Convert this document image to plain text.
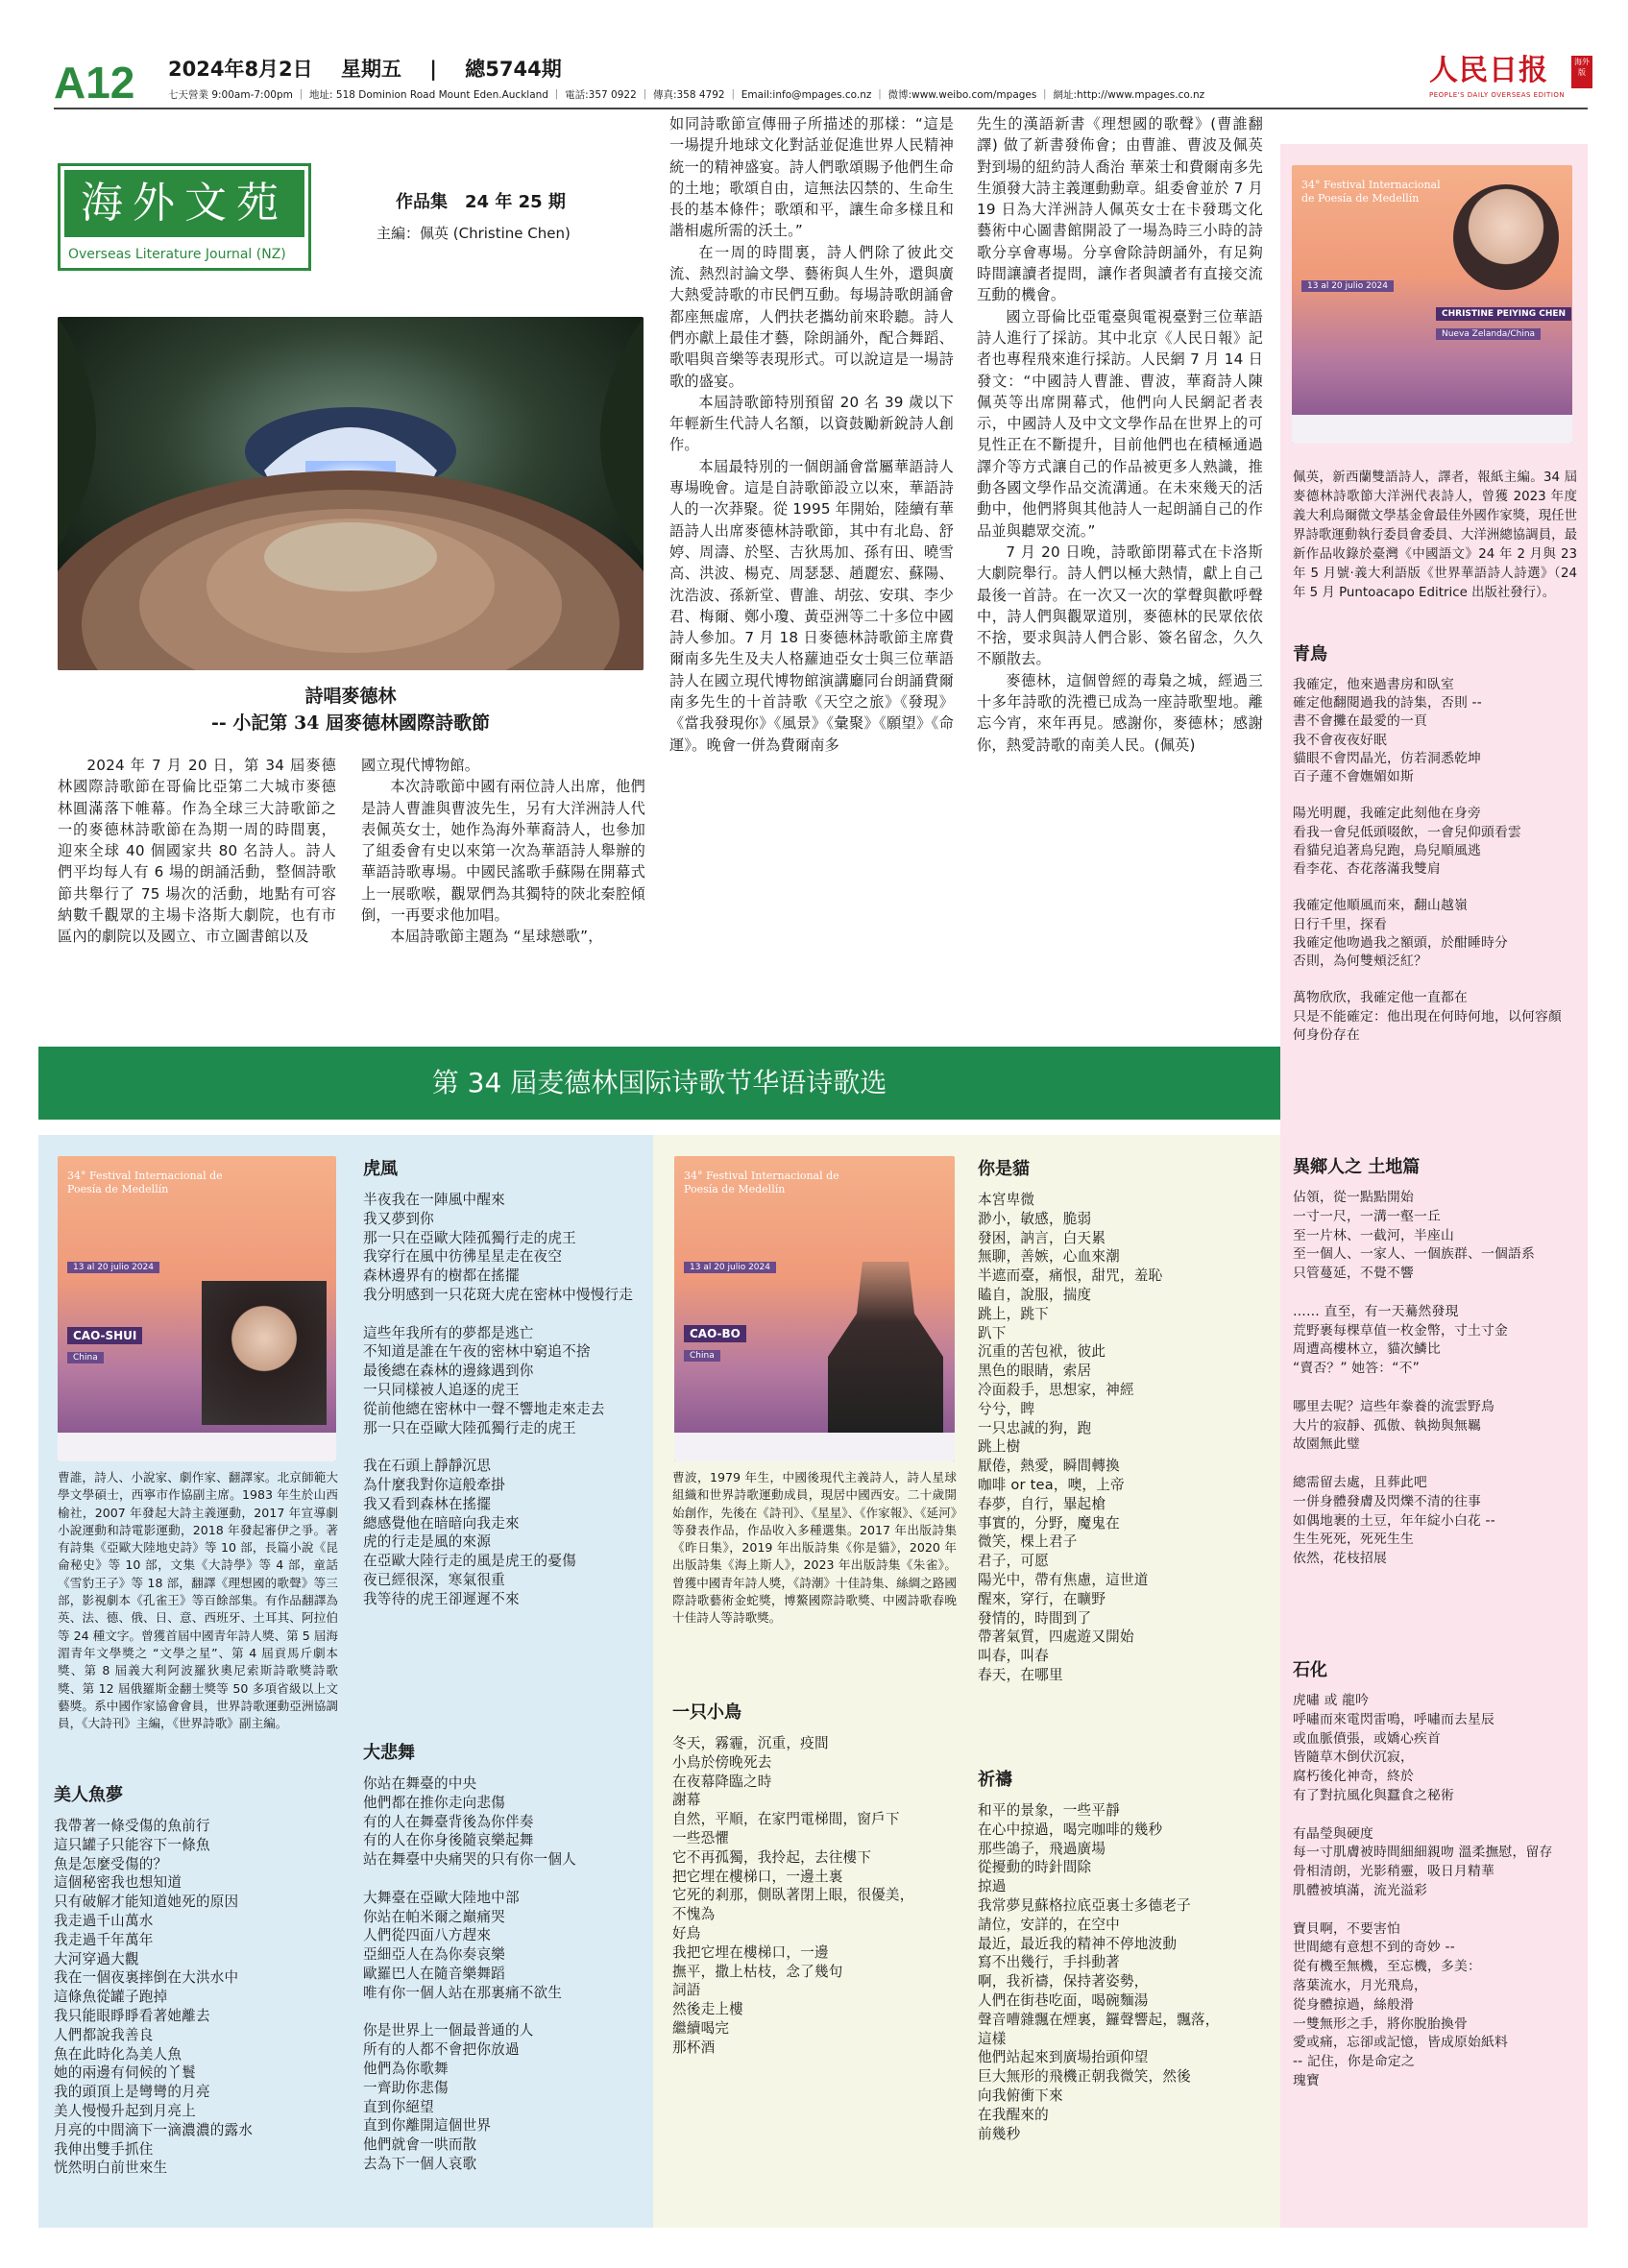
A12	2024年8月2日 星期五 | 總5744期
七天營業 9:00am-7:00pm ｜ 地址: 518 Dominion Road Mount Eden.Auckland ｜ 電話:357 0922 ｜ 傳真:358 4792 ｜ Email:info@mpages.co.nz ｜ 微博:www.weibo.com/mpages ｜ 網址:http://www.mpages.co.nz
人民日报
PEOPLE'S DAILY OVERSEAS EDITION
海外版
海外文苑
Overseas Literature Journal (NZ)
作品集　24 年 25 期
主編：佩英 (Christine Chen)
詩唱麥德林
-- 小記第 34 屆麥德林國際詩歌節

2024 年 7 月 20 日，第 34 屆麥德林國際詩歌節在哥倫比亞第二大城市麥德林圓滿落下帷幕。作為全球三大詩歌節之一的麥德林詩歌節在為期一周的時間裏，迎來全球 40 個國家共 80 名詩人。詩人們平均每人有 6 場的朗誦活動，整個詩歌節共舉行了 75 場次的活動，地點有可容納數千觀眾的主場卡洛斯大劇院，也有市區內的劇院以及國立、市立圖書館以及

國立現代博物館。

本次詩歌節中國有兩位詩人出席，他們是詩人曹誰與曹波先生，另有大洋洲詩人代表佩英女士，她作為海外華裔詩人，也參加了組委會有史以來第一次為華語詩人舉辦的華語詩歌專場。中國民謠歌手蘇陽在開幕式上一展歌喉，觀眾們為其獨特的陝北秦腔傾倒，一再要求他加唱。

本屆詩歌節主題為 “星球戀歌”，

如同詩歌節宣傳冊子所描述的那樣：“這是一場提升地球文化對話並促進世界人民精神統一的精神盛宴。詩人們歌頌賜予他們生命的土地；歌頌自由，這無法囚禁的、生命生長的基本條件；歌頌和平，讓生命多樣且和諧相處所需的沃土。”

在一周的時間裏，詩人們除了彼此交流、熱烈討論文學、藝術與人生外，還與廣大熱愛詩歌的市民們互動。每場詩歌朗誦會都座無虛席，人們扶老攜幼前來聆聽。詩人們亦獻上最佳才藝，除朗誦外，配合舞蹈、歌唱與音樂等表現形式。可以說這是一場詩歌的盛宴。

本屆詩歌節特別預留 20 名 39 歲以下年輕新生代詩人名額，以資鼓勵新銳詩人創作。

本屆最特別的一個朗誦會當屬華語詩人專場晚會。這是自詩歌節設立以來，華語詩人的一次莽聚。從 1995 年開始，陸續有華語詩人出席麥德林詩歌節，其中有北島、舒婷、周濤、於堅、吉狄馬加、孫有田、曉雪高、洪波、楊克、周瑟瑟、趙麗宏、蘇陽、沈浩波、孫新堂、曹誰、胡弦、安琪、李少君、梅爾、鄭小瓊、黃亞洲等二十多位中國詩人參加。7 月 18 日麥德林詩歌節主席費爾南多先生及夫人格蘿迪亞女士與三位華語詩人在國立現代博物館演講廳同台朗誦費爾南多先生的十首詩歌《天空之旅》《發現》《當我發現你》《風景》《彙聚》《願望》《命運》。晚會一併為費爾南多

先生的漢語新書《理想國的歌聲》(曹誰翻譯) 做了新書發佈會；由曹誰、曹波及佩英對到場的紐約詩人喬治 華萊士和費爾南多先生頒發大詩主義運動勳章。組委會並於 7 月 19 日為大洋洲詩人佩英女士在卡發瑪文化藝術中心圖書館開設了一場為時三小時的詩歌分享會專場。分享會除詩朗誦外，有足夠時間讓讀者提問，讓作者與讀者有直接交流互動的機會。

國立哥倫比亞電臺與電視臺對三位華語詩人進行了採訪。其中北京《人民日報》記者也專程飛來進行採訪。人民網 7 月 14 日發文：“中國詩人曹誰、曹波，華裔詩人陳佩英等出席開幕式，他們向人民網記者表示，中國詩人及中文文學作品在世界上的可見性正在不斷提升，目前他們也在積極通過譯介等方式讓自己的作品被更多人熟識，推動各國文學作品交流溝通。在未來幾天的活動中，他們將與其他詩人一起朗誦自己的作品並與聽眾交流。”

7 月 20 日晚，詩歌節閉幕式在卡洛斯大劇院舉行。詩人們以極大熱情，獻上自己最後一首詩。在一次又一次的掌聲與歡呼聲中，詩人們與觀眾道別，麥德林的民眾依依不捨，要求與詩人們合影、簽名留念，久久不願散去。

麥德林，這個曾經的毒梟之城，經過三十多年詩歌的洗禮已成為一座詩歌聖地。離忘今宵，來年再見。感謝你，麥德林；感謝你，熱愛詩歌的南美人民。(佩英)

34° Festival Internacional de Poesía de Medellín
13 al 20 julio 2024
CHRISTINE PEIYING CHEN
Nueva Zelanda/China
佩英，新西蘭雙語詩人，譯者，報紙主編。34 屆麥德林詩歌節大洋洲代表詩人，曾獲 2023 年度義大利烏爾微文學基金會最佳外國作家獎，現任世界詩歌運動執行委員會委員、大洋洲總協調員，最新作品收錄於臺灣《中國語文》24 年 2 月與 23 年 5 月號·義大利語版《世界華語詩人詩選》（24 年 5 月 Puntoacapo Editrice 出版社發行）。
青鳥
我確定，他來過書房和臥室
確定他翻閱過我的詩集，否則 --
書不會攤在最愛的一頁
我不會夜夜好眠
貓眼不會閃晶光，仿若洞悉乾坤
百子蓮不會嫵媚如斯

陽光明麗，我確定此刻他在身旁
看我一會兒低頭啜飲，一會兒仰頭看雲
看貓兒追著鳥兒跑，鳥兒順風逃
看李花、杏花落滿我雙肩

我確定他順風而來，翻山越嶺
日行千里，探看
我確定他吻過我之額頭，於酣睡時分
否則，為何雙頰泛紅？

萬物欣欣，我確定他一直都在
只是不能確定：他出現在何時何地，以何容顏
何身份存在
異鄉人之 土地篇
佔領，從一點點開始
一寸一尺，一溝一壑一丘
至一片林、一截河，半座山
至一個人、一家人、一個族群、一個語系
只管蔓延，不覺不響

…… 直至，有一天驀然發現
荒野裹每棵草值一枚金幣，寸土寸金
周遭高樓林立，貓次鱗比
“賣否？” 她答：“不”

哪里去呢？這些年豢養的流雲野鳥
大片的寂靜、孤傲、執拗與無羈
故園無此璧

總需留去處，且葬此吧
一併身體發膚及閃爍不清的往事
如偶地裹的土豆，年年綻小白花 --
生生死死，死死生生
依然，花枝招展
石化
虎嘯 或 龍吟
呼嘯而來電閃雷鳴，呼嘯而去星辰
或血脈僨張，或嬌心疾首
皆隨草木倒伏沉寂，
腐朽後化神奇，終於
有了對抗風化與蠶食之秘術

有晶瑩與硬度
每一寸肌膚被時間細細親吻 溫柔撫慰，留存
骨相清朗，光影稍靈，吸日月精華
肌體被填滿，流光溢彩

寶貝啊，不要害怕
世間總有意想不到的奇妙 --
從有機至無機，至忘機，多美：
落葉流水，月光飛鳥，
從身體掠過，絲般滑
一雙無形之手，將你脫胎換骨
愛或痛，忘卻或記憶，皆成原始紙料
-- 記住，你是命定之
瑰寶
第 34 屆麦德林国际诗歌节华语诗歌选
34° Festival Internacional de Poesía de Medellín
13 al 20 julio 2024
CAO-SHUI
China
曹誰，詩人、小說家、劇作家、翻譯家。北京師範大學文學碩士，西寧市作協副主席。1983 年生於山西榆社，2007 年發起大詩主義運動，2017 年宣導劇小說運動和詩電影運動，2018 年發起審伊之爭。著有詩集《亞歐大陸地史詩》等 10 部，長篇小說《昆侖秘史》等 10 部，文集《大詩學》等 4 部，童話《雪豹王子》等 18 部，翻譯《理想國的歌聲》等三部，影視劇本《孔雀王》等百餘部集。有作品翻譯為英、法、德、俄、日、意、西班牙、土耳其、阿拉伯等 24 種文字。曾獲首屆中國青年詩人獎、第 5 屆海湄青年文學獎之 “文學之星”、第 4 屆貢馬斤劇本獎、第 8 屆義大利阿波羅狄奧尼索斯詩歌獎詩歌獎、第 12 屆俄羅斯金翻士獎等 50 多項省級以上文藝獎。系中國作家協會會員，世界詩歌運動亞洲協調員，《大詩刊》主編，《世界詩歌》副主編。
虎風
半夜我在一陣風中醒來
我又夢到你
那一只在亞歐大陸孤獨行走的虎王
我穿行在風中彷彿星星走在夜空
森林邊界有的樹都在搖擺
我分明感到一只花斑大虎在密林中慢慢行走

這些年我所有的夢都是逃亡
不知道是誰在午夜的密林中窮追不捨
最後總在森林的邊緣遇到你
一只同樣被人追逐的虎王
從前他總在密林中一聲不響地走來走去
那一只在亞歐大陸孤獨行走的虎王

我在石頭上靜靜沉思
為什麼我對你這般牽掛
我又看到森林在搖擺
總感覺他在暗暗向我走來
虎的行走是風的來源
在亞歐大陸行走的風是虎王的憂傷
夜已經很深，寒氣很重
我等待的虎王卻遲遲不來
大悲舞
你站在舞臺的中央
他們都在推你走向悲傷
有的人在舞臺背後為你伴奏
有的人在你身後隨哀樂起舞
站在舞臺中央痛哭的只有你一個人

大舞臺在亞歐大陸地中部
你站在帕米爾之巔痛哭
人們從四面八方趕來
亞細亞人在為你奏哀樂
歐羅巴人在隨音樂舞蹈
唯有你一個人站在那裏痛不欲生

你是世界上一個最普通的人
所有的人都不會把你放過
他們為你歌舞
一齊助你悲傷
直到你絕望
直到你離開這個世界
他們就會一哄而散
去為下一個人哀歌
美人魚夢
我帶著一條受傷的魚前行
這只罐子只能容下一條魚
魚是怎麼受傷的？
這個秘密我也想知道
只有破解才能知道她死的原因
我走過千山萬水
我走過千年萬年
大河穿過大觀
我在一個夜裏摔倒在大洪水中
這條魚從罐子跑掉
我只能眼睜睜看著她離去
人們都說我善良
魚在此時化為美人魚
她的兩邊有伺候的丫鬟
我的頭頂上是彎彎的月亮
美人慢慢升起到月亮上
月亮的中間滴下一滴濃濃的露水
我伸出雙手抓住
恍然明白前世來生
34° Festival Internacional de Poesía de Medellín
13 al 20 julio 2024
CAO-BO
China
曹波，1979 年生，中國後現代主義詩人，詩人星球組織和世界詩歌運動成員，現居中國西安。二十歲開始創作，先後在《詩刊》、《星星》、《作家報》、《延河》等發表作品，作品收入多種選集。2017 年出版詩集《昨日集》，2019 年出版詩集《你是貓》，2020 年出版詩集《海上斯人》，2023 年出版詩集《朱雀》。曾獲中國青年詩人獎，《詩潮》十佳詩集、絲綢之路國際詩歌藝術金蛇獎，博鰲國際詩歌獎、中國詩歌春晚十佳詩人等詩歌獎。
你是貓
本宮卑微
渺小，敏感，脆弱
發困，訥言，白天累
無聊，善嫉，心血來潮
半遮而臺，痛恨，甜咒，羞恥
瞌自，說服，揣度
跳上，跳下
趴下
沉重的苦包袱，彼此
黑色的眼睛，索居
冷面殺手，思想家，神經
兮兮，睥
一只忠誠的狗，跑
跳上樹
厭倦，熱愛，瞬間轉換
咖啡 or tea，噢，上帝
春夢，自行，畢起槍
事實的，分野，魔鬼在
微笑，棵上君子
君子，可愿
陽光中，帶有焦慮，這世道
醒來，穿行，在曠野
發情的，時間到了
帶著氣質，四處遊又開始
叫春，叫春
春天，在哪里
一只小鳥
冬天，霧霾，沉重，疫間
小鳥於傍晚死去
在夜幕降臨之時
謝幕
自然，平順，在家門電梯間，窗戶下
一些恐懼
它不再孤獨，我拎起，去往樓下
把它埋在樓梯口，一邊土裏
它死的剎那，側臥著閉上眼，很優美，
不愧為
好鳥
我把它埋在樓梯口，一邊
撫平，撒上枯枝，念了幾句
詞語
然後走上樓
繼續喝完
那杯酒
祈禱
和平的景象，一些平靜
在心中掠過，喝完咖啡的幾秒
那些鴿子，飛過廣場
從擾動的時針間除
掠過
我常夢見蘇格拉底亞裏士多德老子
請位，安詳的，在空中
最近，最近我的精神不停地波動
寫不出幾行，手抖動著
啊，我祈禱，保持著姿勢，
人們在街巷吃面，喝碗麵湯
聲音嘈雜飄在煙裏，鑼聲響起，飄落，
這樣
他們站起來到廣場抬頭仰望
巨大無形的飛機正朝我微笑，然後
向我俯衝下來
在我醒來的
前幾秒
